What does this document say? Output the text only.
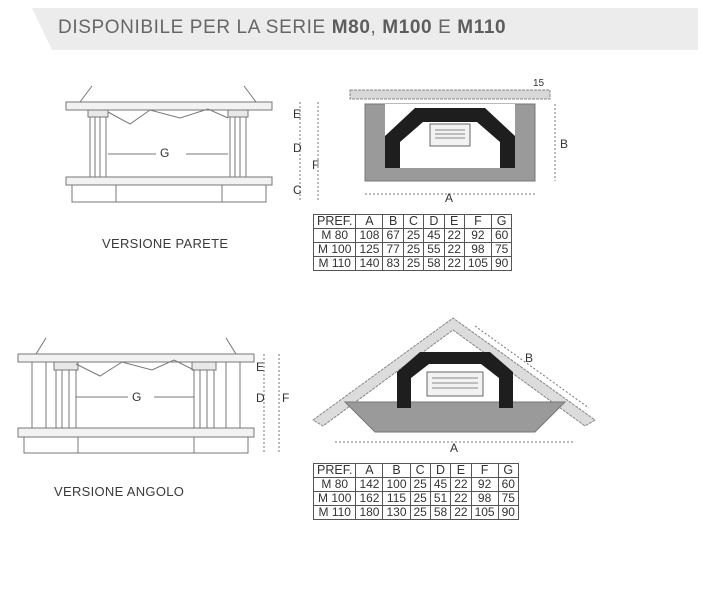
DISPONIBILE PER LA SERIE M80, M100 E M110
G
E
D
F
C
15
B
A
VERSIONE PARETE
PREF.	A	B	C	D	E	F	G
M 80	108	67	25	45	22	92	60
M 100	125	77	25	55	22	98	75
M 110	140	83	25	58	22	105	90
G
E
D F
B
A
VERSIONE ANGOLO
PREF.	A	B	C	D	E	F	G
M 80	142	100	25	45	22	92	60
M 100	162	115	25	51	22	98	75
M 110	180	130	25	58	22	105	90
